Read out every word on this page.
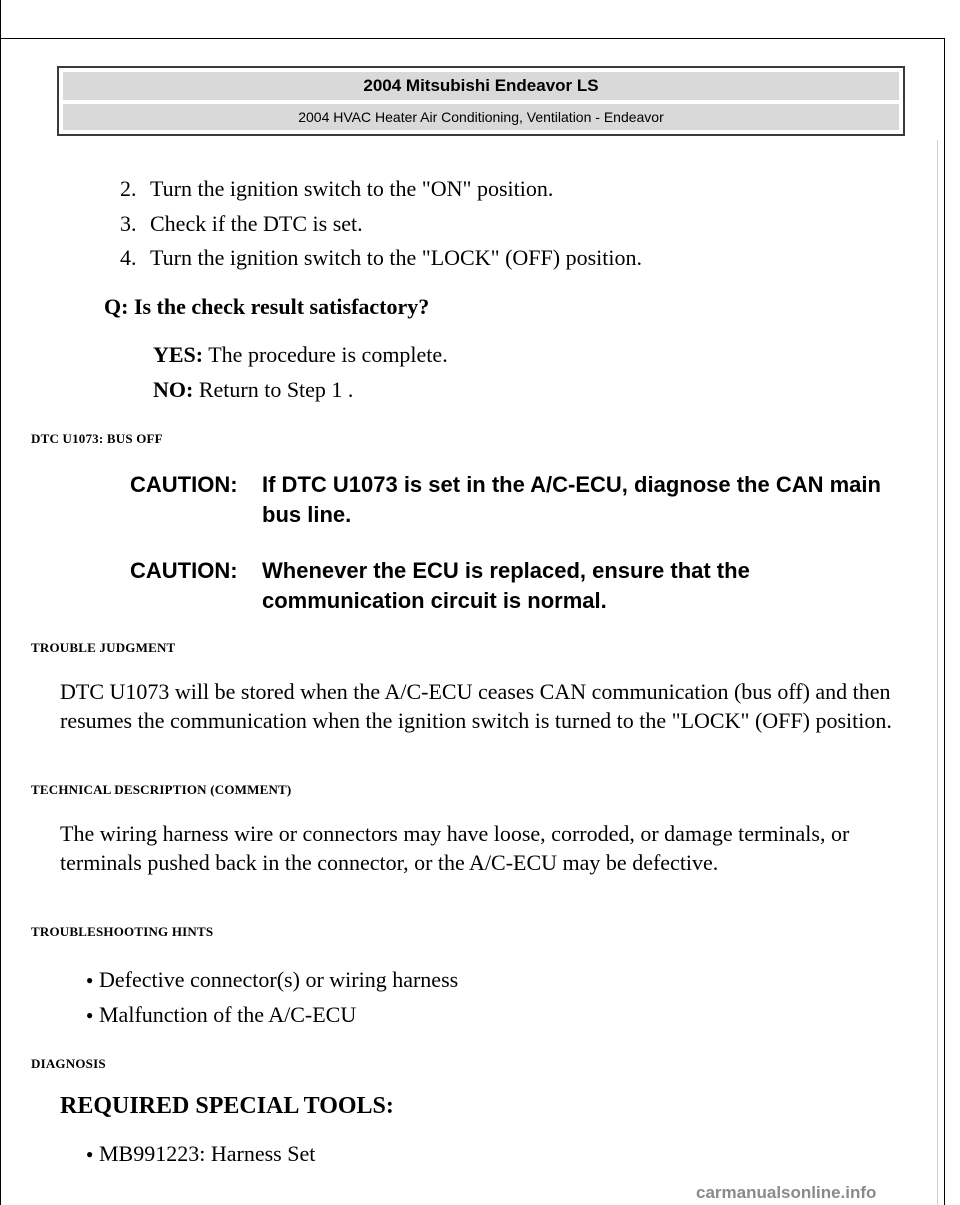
2004 Mitsubishi Endeavor LS
2004 HVAC Heater Air Conditioning, Ventilation - Endeavor
2. Turn the ignition switch to the "ON" position.
3. Check if the DTC is set.
4. Turn the ignition switch to the "LOCK" (OFF) position.
Q: Is the check result satisfactory?
YES: The procedure is complete.
NO: Return to Step 1 .
DTC U1073: BUS OFF
CAUTION: If DTC U1073 is set in the A/C-ECU, diagnose the CAN main bus line.
CAUTION: Whenever the ECU is replaced, ensure that the communication circuit is normal.
TROUBLE JUDGMENT
DTC U1073 will be stored when the A/C-ECU ceases CAN communication (bus off) and then resumes the communication when the ignition switch is turned to the "LOCK" (OFF) position.
TECHNICAL DESCRIPTION (COMMENT)
The wiring harness wire or connectors may have loose, corroded, or damage terminals, or terminals pushed back in the connector, or the A/C-ECU may be defective.
TROUBLESHOOTING HINTS
● Defective connector(s) or wiring harness
● Malfunction of the A/C-ECU
DIAGNOSIS
REQUIRED SPECIAL TOOLS:
● MB991223: Harness Set
carmanualsonline.info
